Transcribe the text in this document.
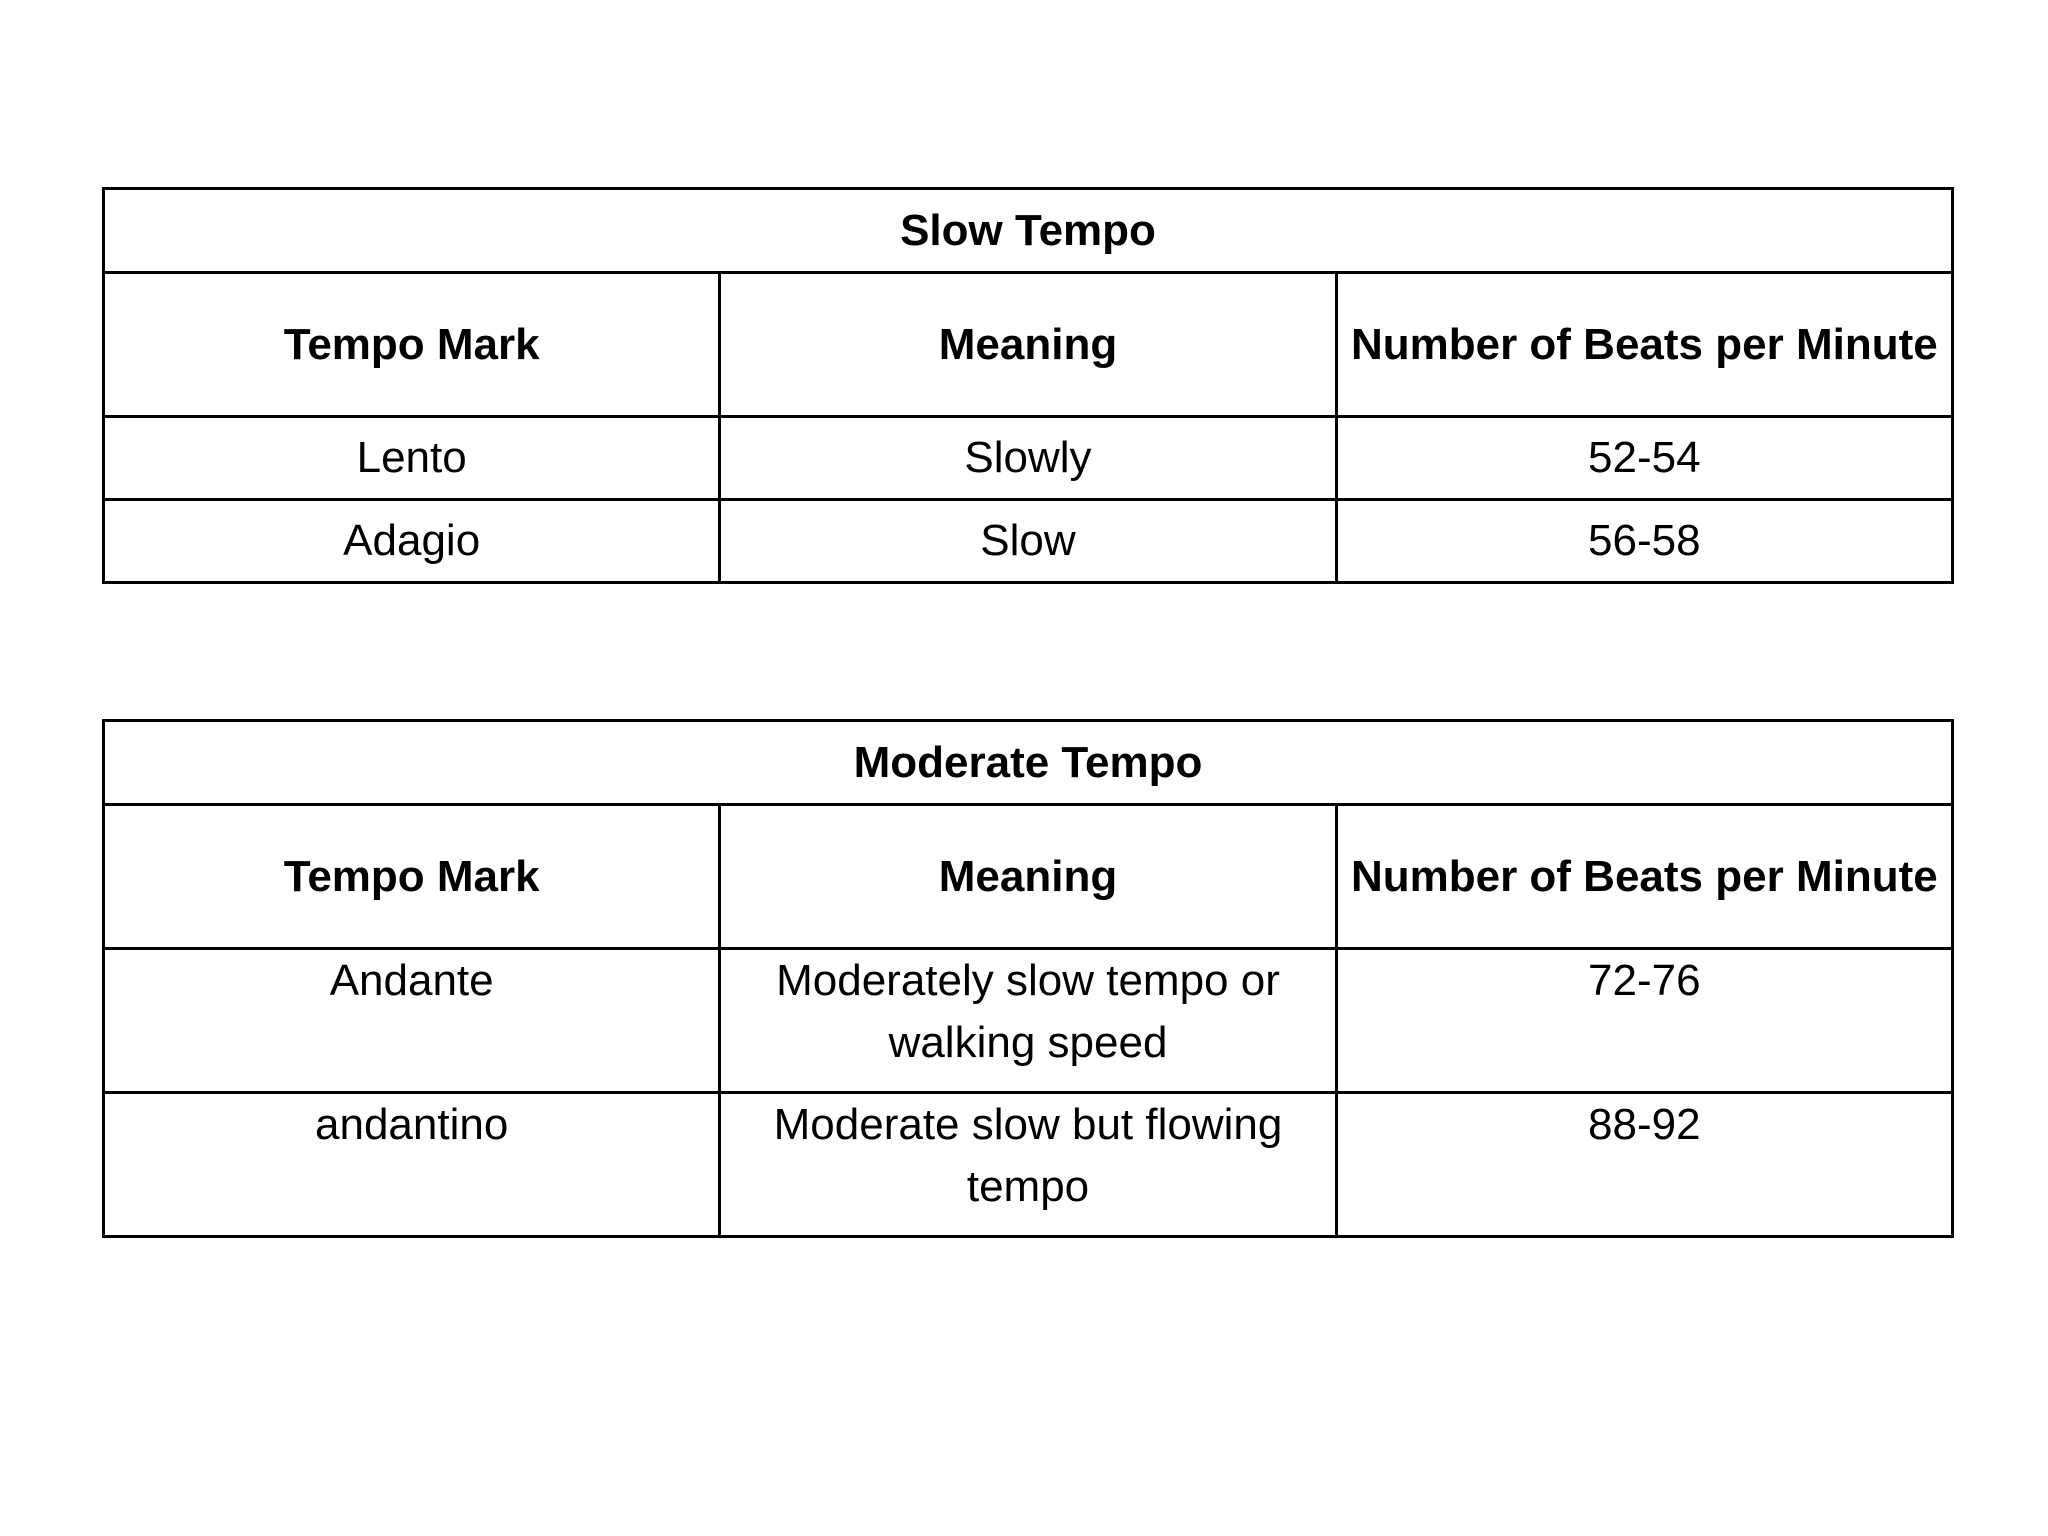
Slow Tempo		
Tempo Mark	Meaning	Number of Beats per Minute
Lento	Slowly	52-54
Adagio	Slow	56-58
Moderate Tempo		
Tempo Mark	Meaning	Number of Beats per Minute
Andante	Moderately slow tempo or walking speed	72-76
andantino	Moderate slow but flowing tempo	88-92
